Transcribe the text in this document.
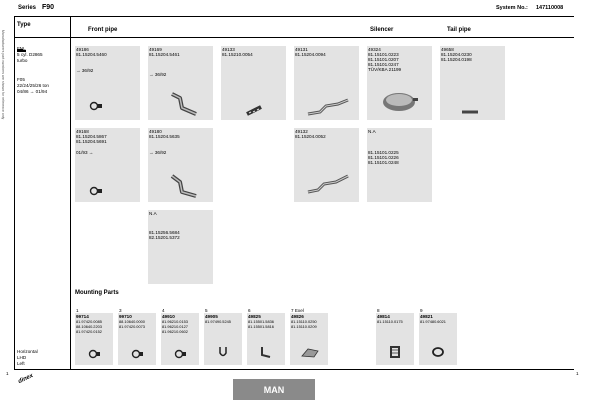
Series F90	System No.: 147110008
Manufacturers part numbers are shown for reference only
Type
FNL
5 cyl. D2865
turbo
F05
22/24/25/26 ton
04/86 → 01/94
Horizontal
LHD
Left
Front pipe	Silencer	Tail pipe
Mounting Parts
49186
81.15204.5460
→ 36/92
49169
81.15204.5461
→ 36/92
49133
81.15210.0054
49131
81.15204.0094
49324
81.15101.0223
81.15101.0207
81.15101.0247
TÜV/KBA 21199
49658
81.15204.0230
81.15204.0198
49168
81.15204.5867
81.15204.5691
01/93 →
49180
81.15204.5635
→ 36/92
49132
81.15204.0052
N.A
81.15101.0225
81.15101.0226
81.15101.0248
N.A
81.15256.5684
82.15201.5372
1
99714
81.97420.0085
88.10640.2203
81.97420.0152
3
99710
88.10640.0000
81.97420.0073
4
49910
81.96210.0153
81.96210.0127
81.96210.0602
5
49905
81.97490.5245
6
49825
81.15501.5836
81.15501.5816
7 Exel
49826
81.15110.0250
81.15110.0209
8
49814
81.15110.0175
9
49821
81.97480.6021
dinex
1	1
MAN
